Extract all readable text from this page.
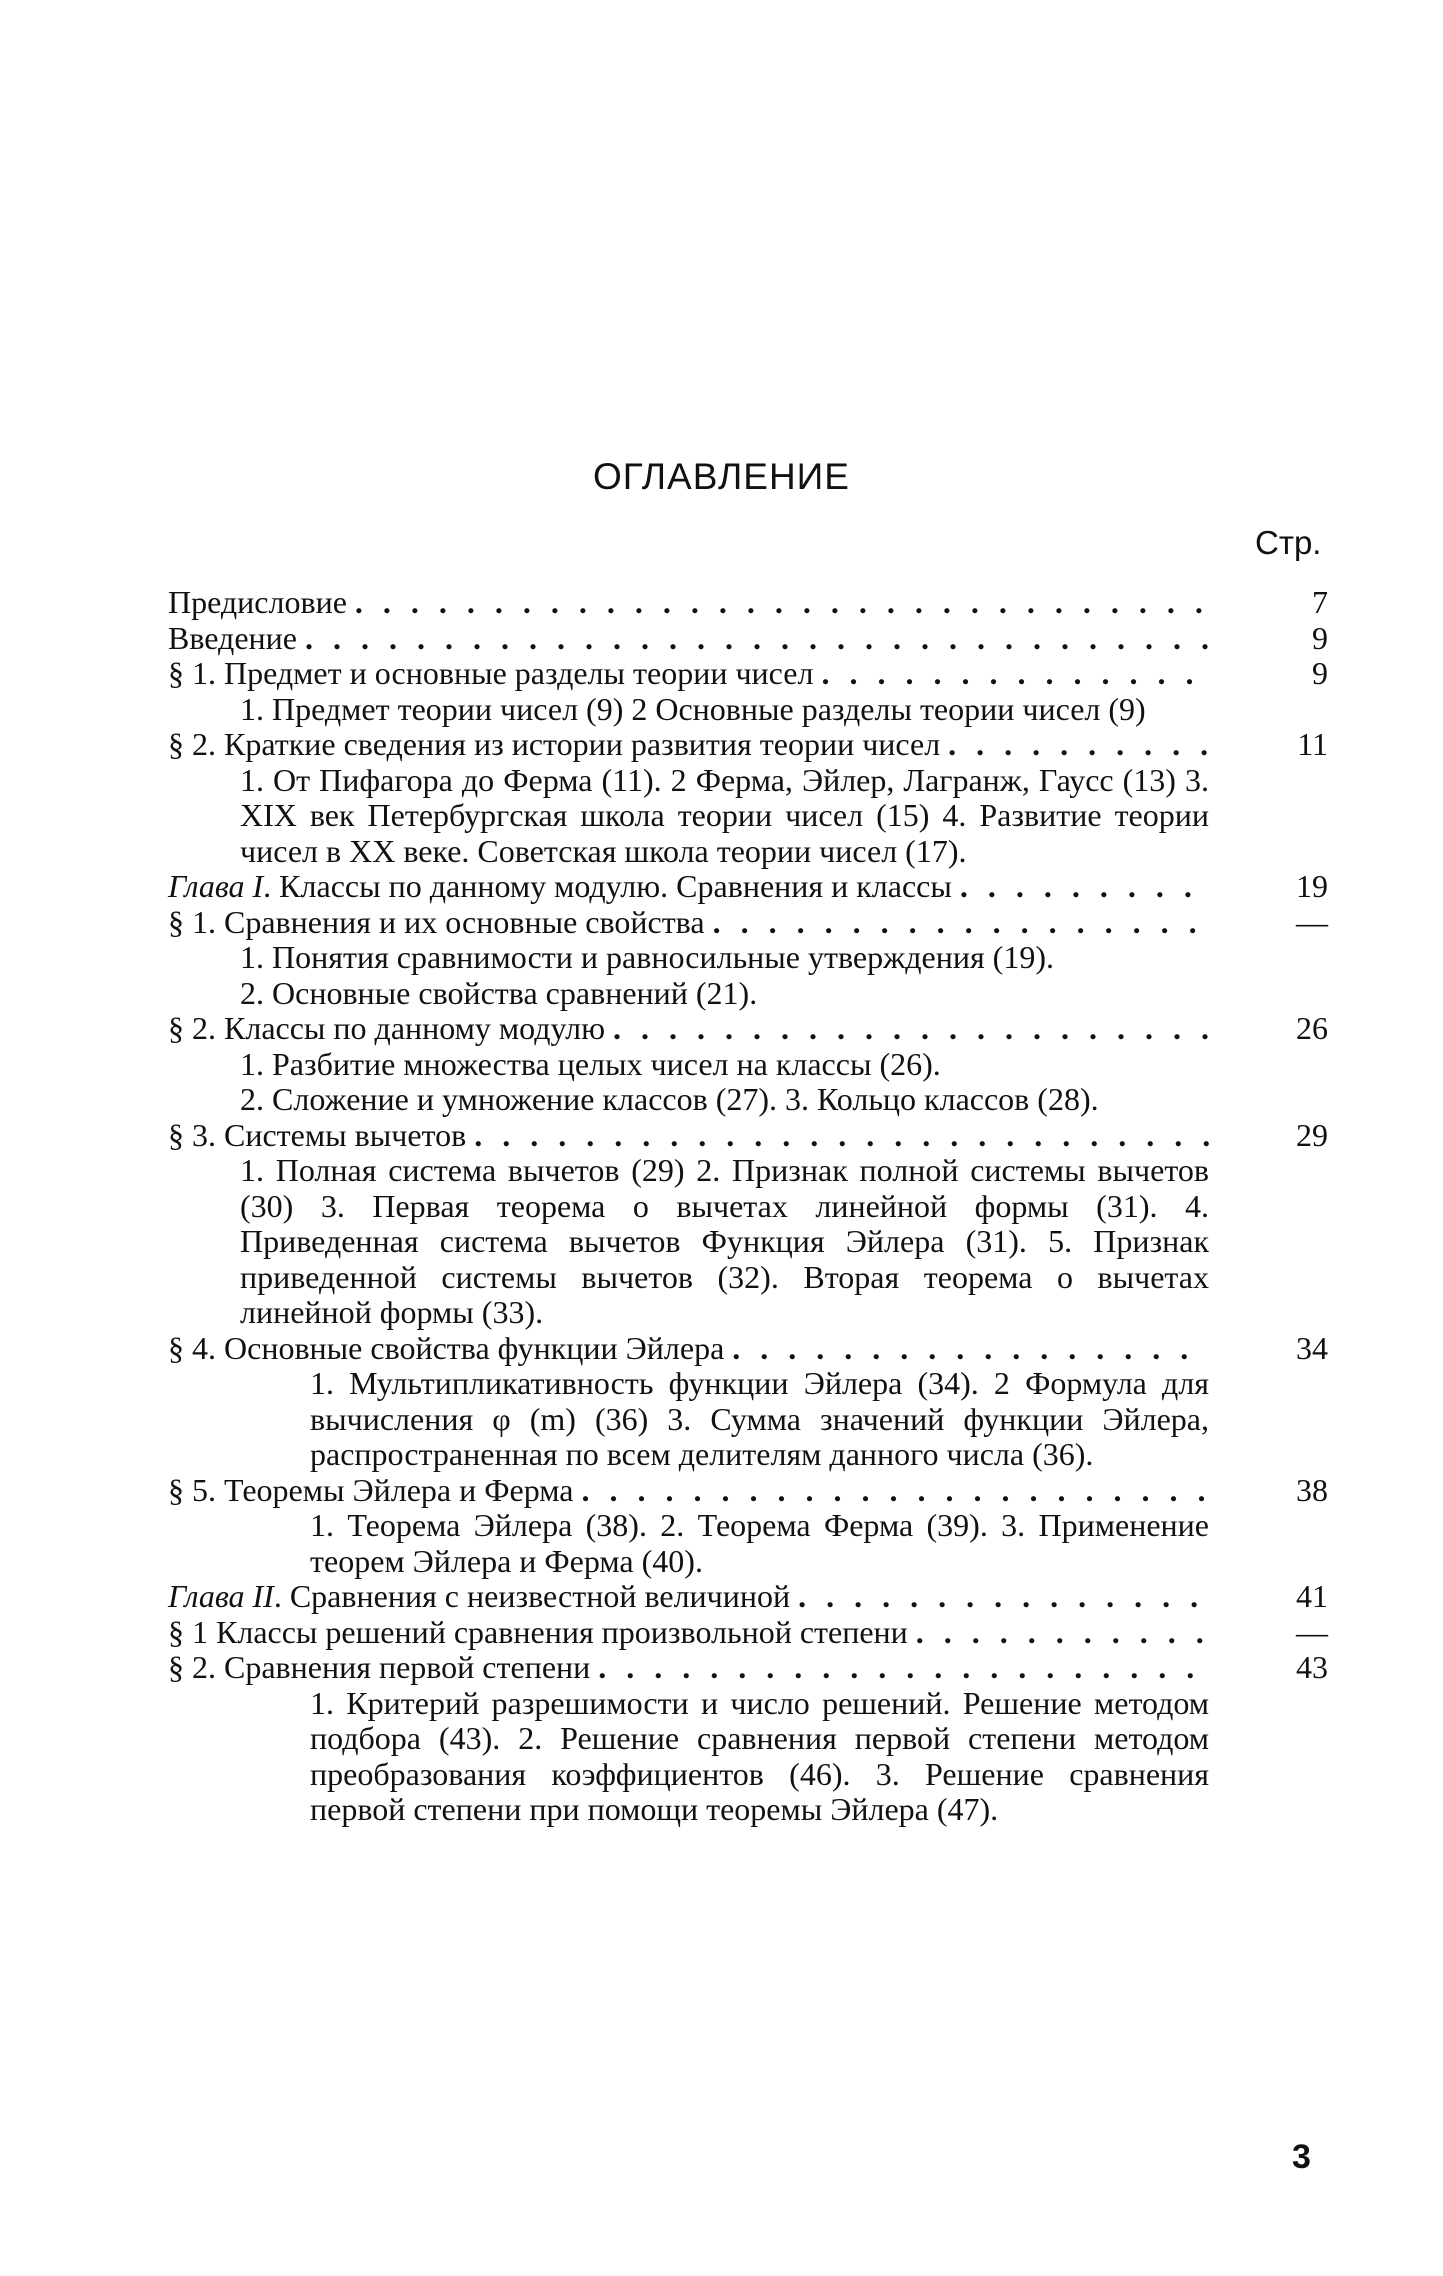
ОГЛАВЛЕНИЕ
Стр.
Предисловие . . .	7
Введение . . .	9
§ 1. Предмет и основные разделы теории чисел . . .	9
1. Предмет теории чисел (9) 2 Основные разделы теории чисел (9)
§ 2. Краткие сведения из истории развития теории чисел . . .	11
1. От Пифагора до Ферма (11). 2 Ферма, Эйлер, Лагранж, Гаусс (13) 3. XIX век Петербургская школа теории чисел (15) 4. Развитие теории чисел в XX веке. Советская школа теории чисел (17).
Глава I. Классы по данному модулю. Сравнения и классы . . .	19
§ 1. Сравнения и их основные свойства . . .	—
1. Понятия сравнимости и равносильные утверждения (19).
2. Основные свойства сравнений (21).
§ 2. Классы по данному модулю . . .	26
1. Разбитие множества целых чисел на классы (26).
2. Сложение и умножение классов (27). 3. Кольцо классов (28).
§ 3. Системы вычетов . . .	29
1. Полная система вычетов (29) 2. Признак полной системы вычетов (30) 3. Первая теорема о вычетах линейной формы (31). 4. Приведенная система вычетов Функция Эйлера (31). 5. Признак приведенной системы вычетов (32). Вторая теорема о вычетах линейной формы (33).
§ 4. Основные свойства функции Эйлера . . .	34
1. Мультипликативность функции Эйлера (34). 2 Формула для вычисления φ (m) (36) 3. Сумма значений функции Эйлера, распространенная по всем делителям данного числа (36).
§ 5. Теоремы Эйлера и Ферма . . .	38
1. Теорема Эйлера (38). 2. Теорема Ферма (39). 3. Применение теорем Эйлера и Ферма (40).
Глава II. Сравнения с неизвестной величиной . . .	41
§ 1 Классы решений сравнения произвольной степени . . .	—
§ 2. Сравнения первой степени . . .	43
1. Критерий разрешимости и число решений. Решение методом подбора (43). 2. Решение сравнения первой степени методом преобразования коэффициентов (46). 3. Решение сравнения первой степени при помощи теоремы Эйлера (47).
3
